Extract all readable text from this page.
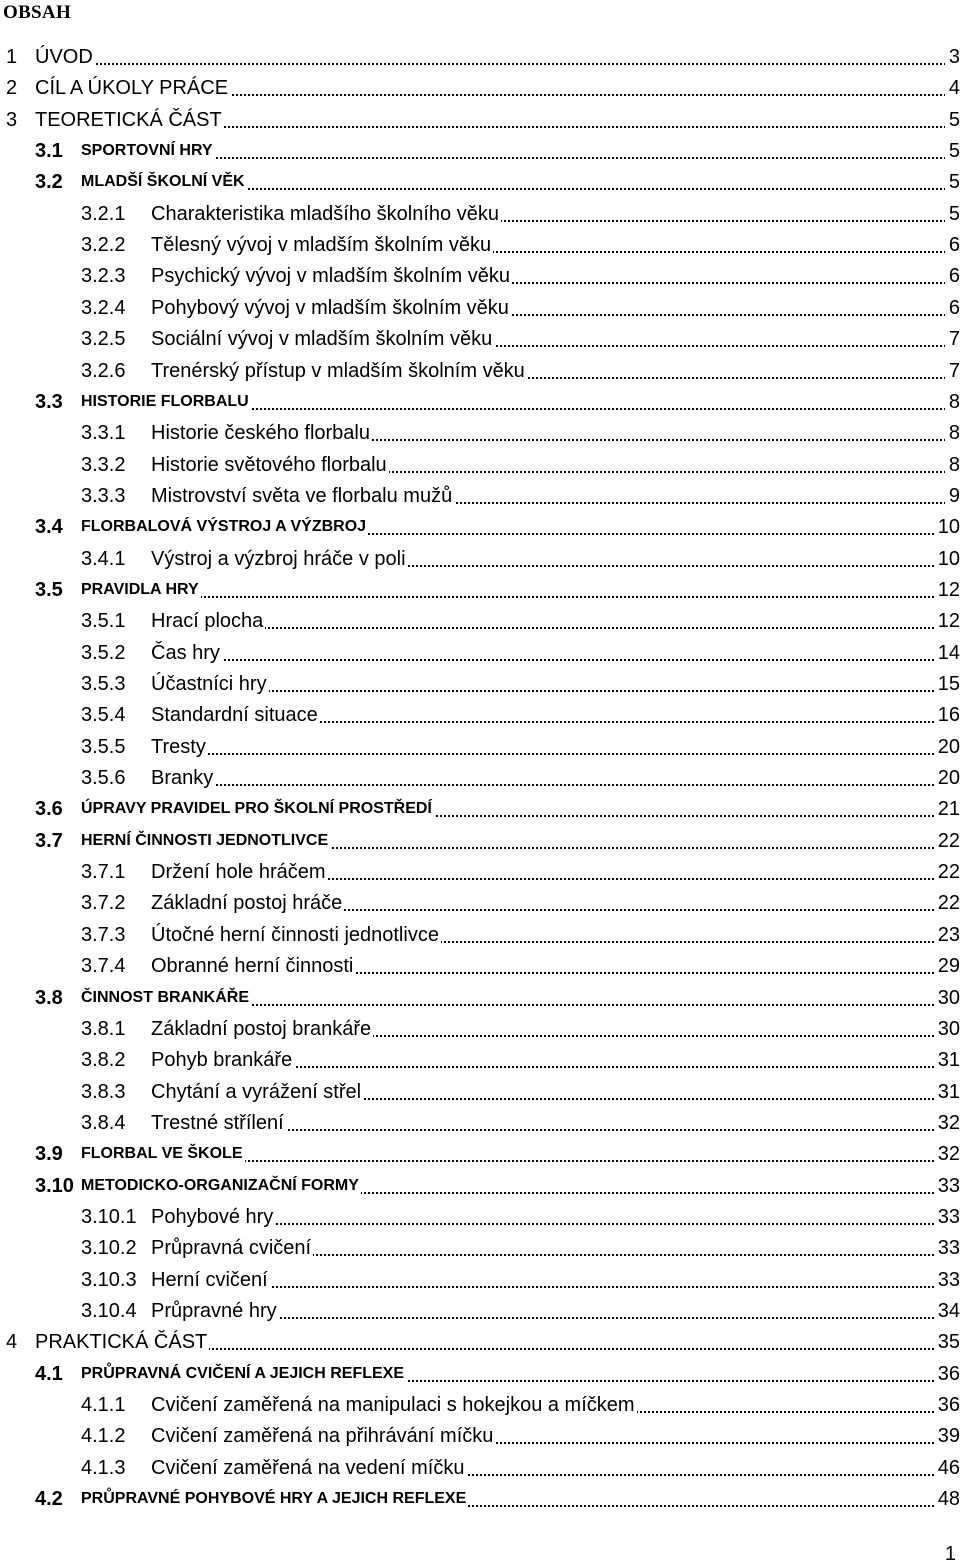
OBSAH
1 ÚVOD	3
2 CÍL A ÚKOLY PRÁCE	4
3 TEORETICKÁ ČÁST	5
3.1 SPORTOVNÍ HRY	5
3.2 MLADŠÍ ŠKOLNÍ VĚK	5
3.2.1 Charakteristika mladšího školního věku	5
3.2.2 Tělesný vývoj v mladším školním věku	6
3.2.3 Psychický vývoj v mladším školním věku	6
3.2.4 Pohybový vývoj v mladším školním věku	6
3.2.5 Sociální vývoj v mladším školním věku	7
3.2.6 Trenérský přístup v mladším školním věku	7
3.3 HISTORIE FLORBALU	8
3.3.1 Historie českého florbalu	8
3.3.2 Historie světového florbalu	8
3.3.3 Mistrovství světa ve florbalu mužů	9
3.4 FLORBALOVÁ VÝSTROJ A VÝZBROJ	10
3.4.1 Výstroj a výzbroj hráče v poli	10
3.5 PRAVIDLA HRY	12
3.5.1 Hrací plocha	12
3.5.2 Čas hry	14
3.5.3 Účastníci hry	15
3.5.4 Standardní situace	16
3.5.5 Tresty	20
3.5.6 Branky	20
3.6 ÚPRAVY PRAVIDEL PRO ŠKOLNÍ PROSTŘEDÍ	21
3.7 HERNÍ ČINNOSTI JEDNOTLIVCE	22
3.7.1 Držení hole hráčem	22
3.7.2 Základní postoj hráče	22
3.7.3 Útočné herní činnosti jednotlivce	23
3.7.4 Obranné herní činnosti	29
3.8 ČINNOST BRANKÁŘE	30
3.8.1 Základní postoj brankáře	30
3.8.2 Pohyb brankáře	31
3.8.3 Chytání a vyrážení střel	31
3.8.4 Trestné střílení	32
3.9 FLORBAL VE ŠKOLE	32
3.10 METODICKO-ORGANIZAČNÍ FORMY	33
3.10.1 Pohybové hry	33
3.10.2 Průpravná cvičení	33
3.10.3 Herní cvičení	33
3.10.4 Průpravné hry	34
4 PRAKTICKÁ ČÁST	35
4.1 PRŮPRAVNÁ CVIČENÍ A JEJICH REFLEXE	36
4.1.1 Cvičení zaměřená na manipulaci s hokejkou a míčkem	36
4.1.2 Cvičení zaměřená na přihrávání míčku	39
4.1.3 Cvičení zaměřená na vedení míčku	46
4.2 PRŮPRAVNÉ POHYBOVÉ HRY A JEJICH REFLEXE	48
1
